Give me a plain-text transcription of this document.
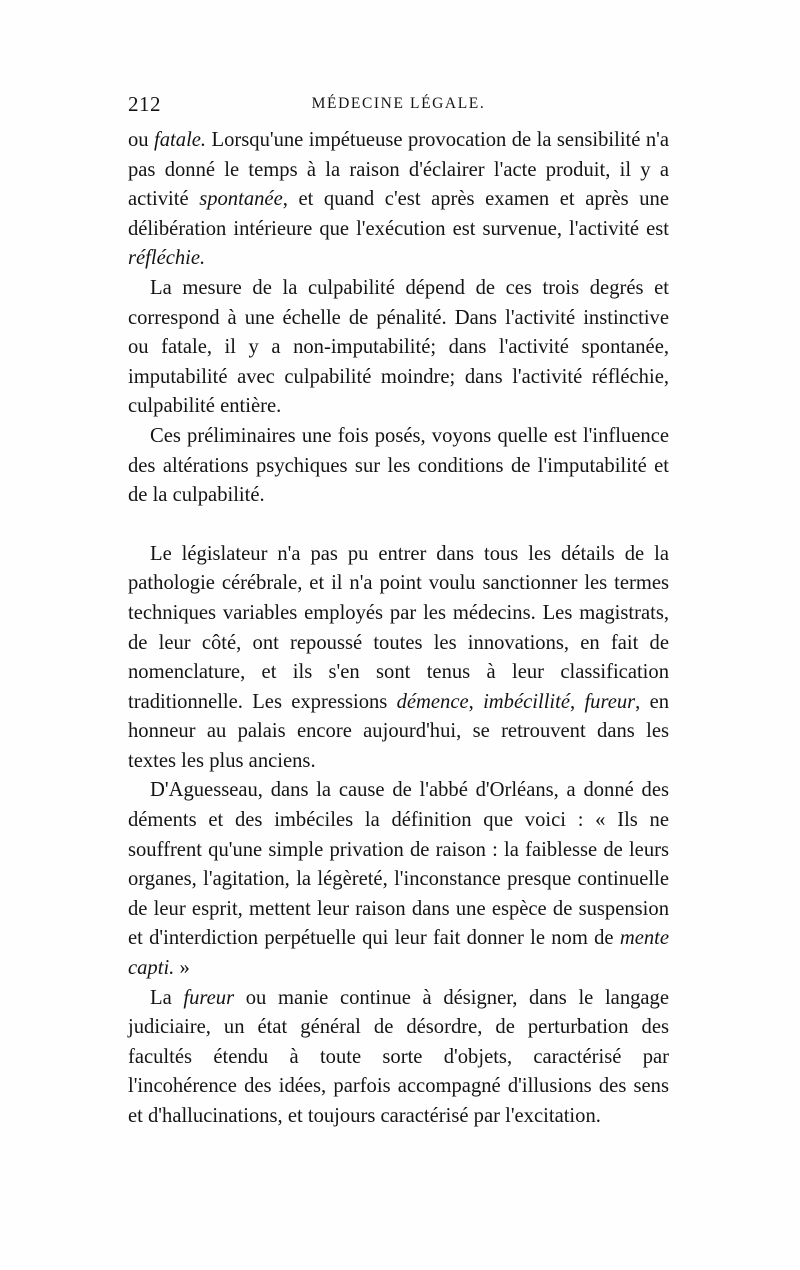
212	MÉDECINE LÉGALE.

ou fatale. Lorsqu'une impétueuse provocation de la sensibilité n'a pas donné le temps à la raison d'éclairer l'acte produit, il y a activité spontanée, et quand c'est après examen et après une délibération intérieure que l'exécution est survenue, l'activité est réfléchie.

La mesure de la culpabilité dépend de ces trois degrés et correspond à une échelle de pénalité. Dans l'activité instinctive ou fatale, il y a non-imputabilité; dans l'activité spontanée, imputabilité avec culpabilité moindre; dans l'activité réfléchie, culpabilité entière.

Ces préliminaires une fois posés, voyons quelle est l'influence des altérations psychiques sur les conditions de l'imputabilité et de la culpabilité.

Le législateur n'a pas pu entrer dans tous les détails de la pathologie cérébrale, et il n'a point voulu sanctionner les termes techniques variables employés par les médecins. Les magistrats, de leur côté, ont repoussé toutes les innovations, en fait de nomenclature, et ils s'en sont tenus à leur classification traditionnelle. Les expressions démence, imbécillité, fureur, en honneur au palais encore aujourd'hui, se retrouvent dans les textes les plus anciens.

D'Aguesseau, dans la cause de l'abbé d'Orléans, a donné des déments et des imbéciles la définition que voici : « Ils ne souffrent qu'une simple privation de raison : la faiblesse de leurs organes, l'agitation, la légèreté, l'inconstance presque continuelle de leur esprit, mettent leur raison dans une espèce de suspension et d'interdiction perpétuelle qui leur fait donner le nom de mente capti. »

La fureur ou manie continue à désigner, dans le langage judiciaire, un état général de désordre, de perturbation des facultés étendu à toute sorte d'objets, caractérisé par l'incohérence des idées, parfois accompagné d'illusions des sens et d'hallucinations, et toujours caractérisé par l'excitation.
